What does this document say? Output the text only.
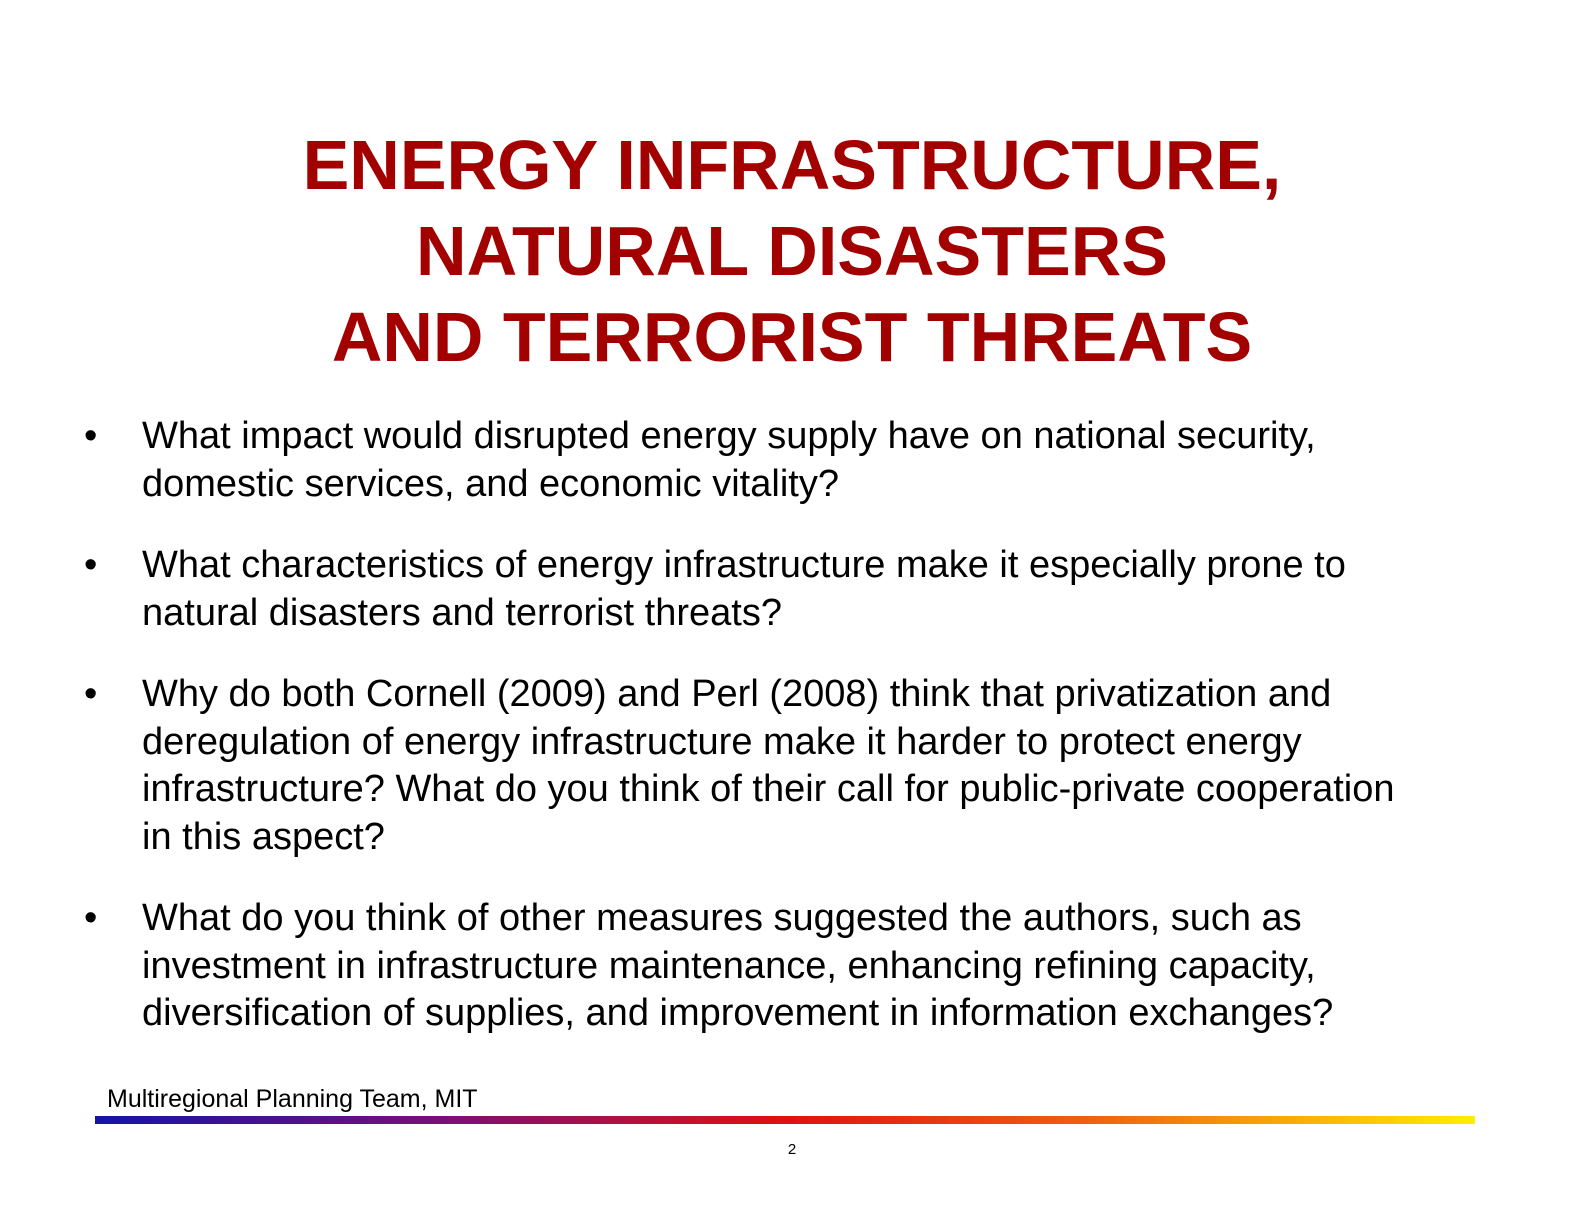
ENERGY INFRASTRUCTURE,
NATURAL DISASTERS
AND TERRORIST THREATS
•	What impact would disrupted energy supply have on national security,
domestic services, and economic vitality?
•	What characteristics of energy infrastructure make it especially prone to
natural disasters and terrorist threats?
•	Why do both Cornell (2009) and Perl (2008) think that privatization and
deregulation of energy infrastructure make it harder to protect energy
infrastructure? What do you think of their call for public-private cooperation
in this aspect?
•	What do you think of other measures suggested the authors, such as
investment in infrastructure maintenance, enhancing refining capacity,
diversification of supplies, and improvement in information exchanges?
Multiregional Planning Team, MIT
2
